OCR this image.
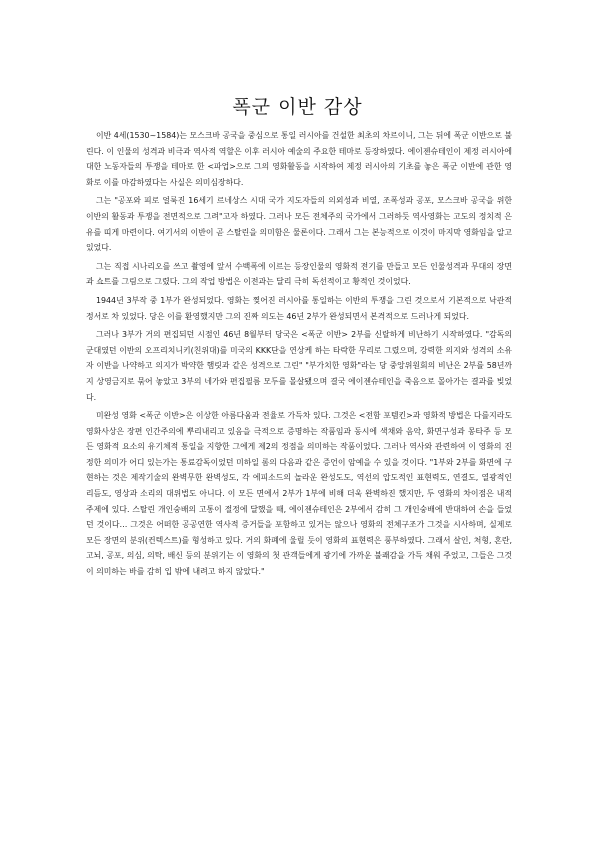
폭군 이반 감상

이반 4세(1530~1584)는 모스크바 공국을 중심으로 통일 러시아를 건설한 최초의 차르이니, 그는 뒤에 폭군 이반으로 불린다. 이 인물의 성격과 비극과 역사적 역할은 이후 러시아 예술의 주요한 테마로 등장하였다. 에이젠슈테인이 제정 러시아에 대한 노동자들의 투쟁을 테마로 한 <파업>으로 그의 영화활동을 시작하여 제정 러시아의 기초를 놓은 폭군 이반에 관한 영화로 이를 마감하였다는 사실은 의미심장하다.

그는 "공포와 피로 얼룩진 16세기 르네상스 시대 국가 지도자들의 의외성과 비열, 조폭성과 공포, 모스크바 공국을 위한 이반의 활동과 투쟁을 전면적으로 그려"고자 하였다. 그러나 모든 전체주의 국가에서 그러하듯 역사영화는 고도의 정치적 은유를 띠게 마련이다. 여기서의 이반이 곧 스탈린을 의미함은 물론이다. 그래서 그는 본능적으로 이것이 마지막 영화임을 알고 있었다.

그는 직접 시나리오를 쓰고 촬영에 앞서 수백폭에 이르는 등장인물의 영화적 전기를 만들고 모든 인물성격과 무대의 장면과 쇼트를 그림으로 그렸다. 그의 작업 방법은 이전과는 달리 극히 독선적이고 황적인 것이었다.

1944년 3부작 중 1부가 완성되었다. 영화는 찢어진 러시아를 통일하는 이반의 투쟁을 그린 것으로서 기본적으로 낙관적 정서로 차 있었다. 당은 이를 환영했지만 그의 진짜 의도는 46년 2부가 완성되면서 본격적으로 드러나게 되었다.

그러나 3부가 거의 편집되던 시점인 46년 8월부터 당국은 <폭군 이반> 2부를 신랄하게 비난하기 시작하였다. "감독의 군대였던 이반의 오프리치니키(친위대)를 미국의 KKK단을 연상케 하는 타락한 무리로 그렸으며, 강력한 의지와 성격의 소유자 이반을 나약하고 의지가 박약한 햄릿과 같은 성격으로 그린" "부가치한 영화"라는 당 중앙위원회의 비난은 2부를 58년까지 상영금지로 묶어 놓았고 3부의 네가와 편집필름 모두를 몰살됐으며 결국 에이젠슈테인을 죽음으로 몰아가는 결과를 빚었다.

미완성 영화 <폭군 이반>은 이상한 아름다움과 전율로 가득차 있다. 그것은 <전함 포템킨>과 영화적 방법은 다를지라도 영화사상은 장편 인간주의에 뿌리내리고 있음을 극적으로 증명하는 작품임과 동시에 색채와 음악, 화면구성과 몽타주 등 모든 영화적 요소의 유기체적 통일을 지향한 그에게 제2의 정점을 의미하는 작품이었다. 그러나 역사와 관련하여 이 영화의 진정한 의미가 어디 있는가는 통료감독이었던 미하일 롬의 다음과 같은 증언이 암예을 수 있을 것이다. "1부와 2부를 화면에 구현하는 것은 제작기술의 완벽무한 완벽성도, 각 에피소드의 놀라운 완성도도, 역선의 압도적인 표현력도, 연결도, 열광적인 리듬도, 영상과 소리의 대위법도 아니다. 이 모든 면에서 2부가 1부에 비해 더욱 완벽하진 했지만, 두 영화의 차이점은 내적 주제에 있다. 스탈린 개인숭배의 고통이 절정에 달했을 때, 에이젠슈테인은 2부에서 감히 그 개인숭배에 반대하여 손을 들었던 것이다… 그것은 어떠한 공공연한 역사적 증거들을 포함하고 있거는 않으나 영화의 전체구조가 그것을 시사하며, 실제로 모든 장면의 분위(컨텍스트)를 형성하고 있다. 거의 화폐에 울릴 듯이 영화의 표현력은 풍부하였다. 그래서 살인, 처형, 혼란, 고뇌, 공포, 의심, 의탁, 배신 등의 분위기는 이 영화의 첫 관객들에게 광기에 가까운 불쾌감을 가득 채워 주었고, 그들은 그것이 의미하는 바를 감히 입 밖에 내려고 하지 않았다."
